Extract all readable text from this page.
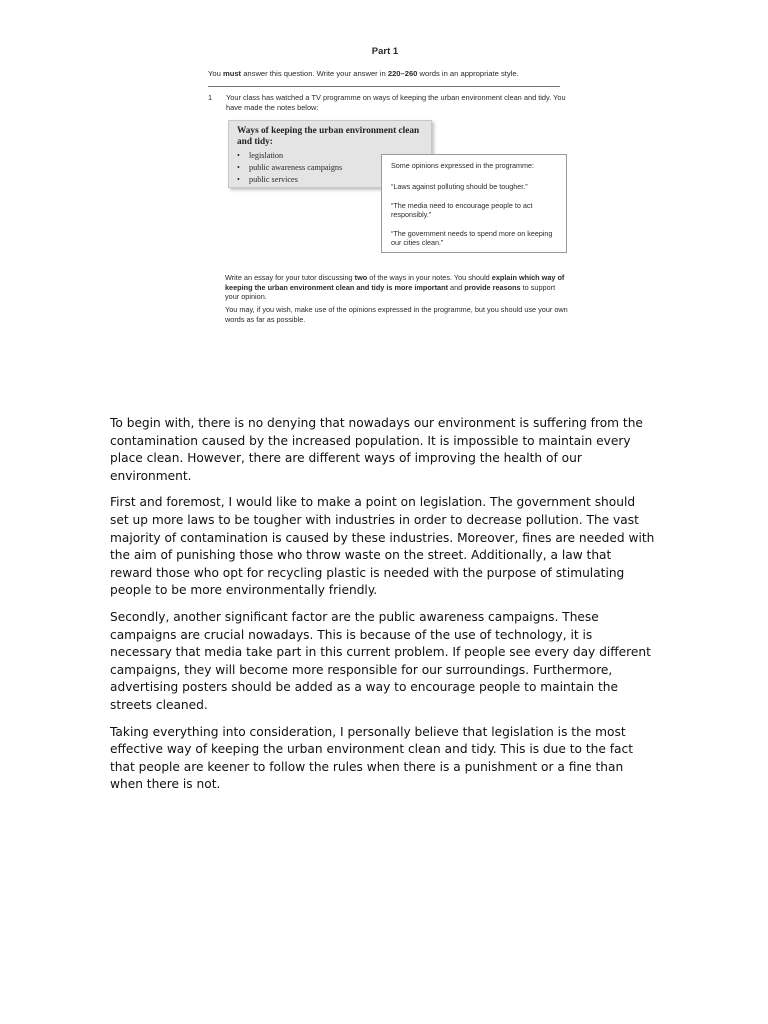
Part 1
You must answer this question. Write your answer in 220–260 words in an appropriate style.
1 Your class has watched a TV programme on ways of keeping the urban environment clean and tidy. You have made the notes below:
Ways of keeping the urban environment clean and tidy:
• legislation
• public awareness campaigns
• public services
Some opinions expressed in the programme:
“Laws against polluting should be tougher.”
“The media need to encourage people to act responsibly.”
“The government needs to spend more on keeping our cities clean.”
Write an essay for your tutor discussing two of the ways in your notes. You should explain which way of keeping the urban environment clean and tidy is more important and provide reasons to support your opinion.
You may, if you wish, make use of the opinions expressed in the programme, but you should use your own words as far as possible.

To begin with, there is no denying that nowadays our environment is suffering from the contamination caused by the increased population. It is impossible to maintain every place clean. However, there are different ways of improving the health of our environment.

First and foremost, I would like to make a point on legislation. The government should set up more laws to be tougher with industries in order to decrease pollution. The vast majority of contamination is caused by these industries. Moreover, fines are needed with the aim of punishing those who throw waste on the street. Additionally, a law that reward those who opt for recycling plastic is needed with the purpose of stimulating people to be more environmentally friendly.

Secondly, another significant factor are the public awareness campaigns. These campaigns are crucial nowadays. This is because of the use of technology, it is necessary that media take part in this current problem. If people see every day different campaigns, they will become more responsible for our surroundings. Furthermore, advertising posters should be added as a way to encourage people to maintain the streets cleaned.

Taking everything into consideration, I personally believe that legislation is the most effective way of keeping the urban environment clean and tidy. This is due to the fact that people are keener to follow the rules when there is a punishment or a fine than when there is not.
